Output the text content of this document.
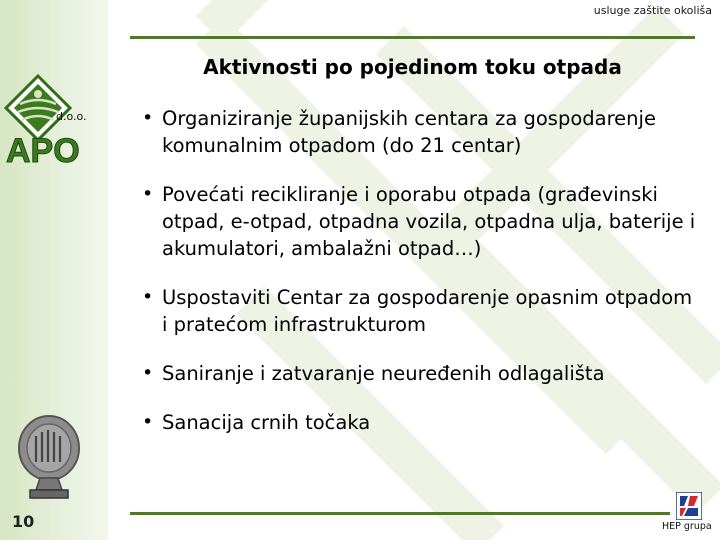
usluge zaštite okoliša
Aktivnosti po pojedinom toku otpada
APO
d.o.o.
•	Organiziranje županijskih centara za gospodarenje komunalnim otpadom (do 21 centar)
• Povećati recikliranje i oporabu otpada (građevinski otpad, e-otpad, otpadna vozila, otpadna ulja, baterije i akumulatori, ambalažni otpad…)
• Uspostaviti Centar za gospodarenje opasnim otpadom i pratećom infrastrukturom
• Saniranje i zatvaranje neuređenih odlagališta
• Sanacija crnih točaka
10	HEP grupa
